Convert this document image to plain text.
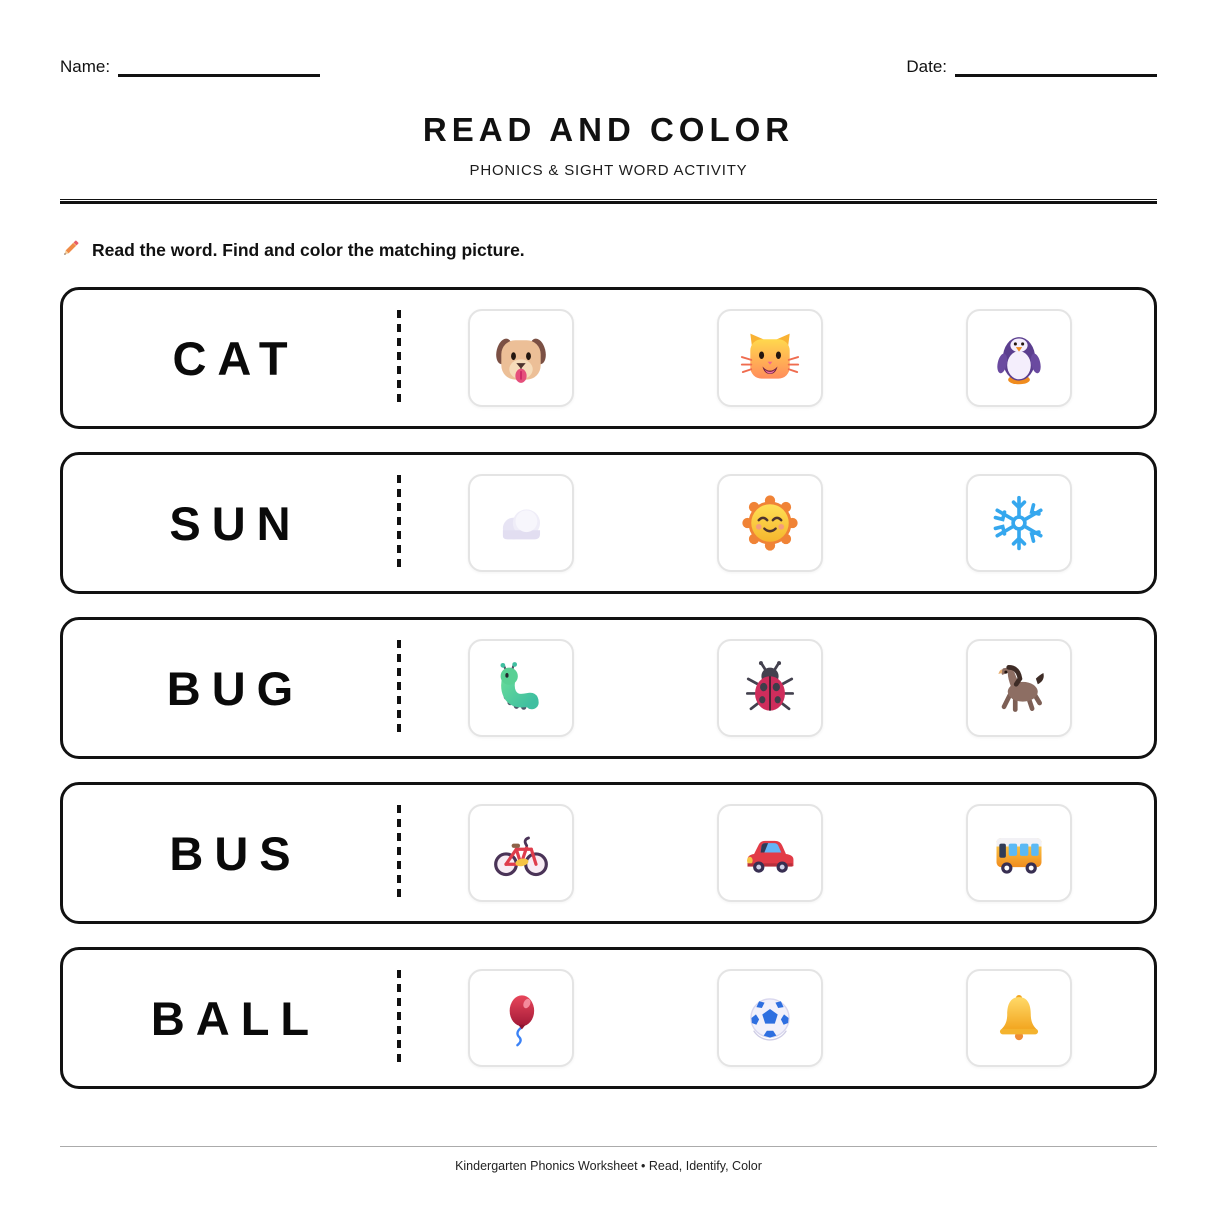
Name:	Date:
READ AND COLOR
PHONICS & SIGHT WORD ACTIVITY
Read the word. Find and color the matching picture.
CAT
SUN
BUG
BUS
BALL
Kindergarten Phonics Worksheet • Read, Identify, Color
